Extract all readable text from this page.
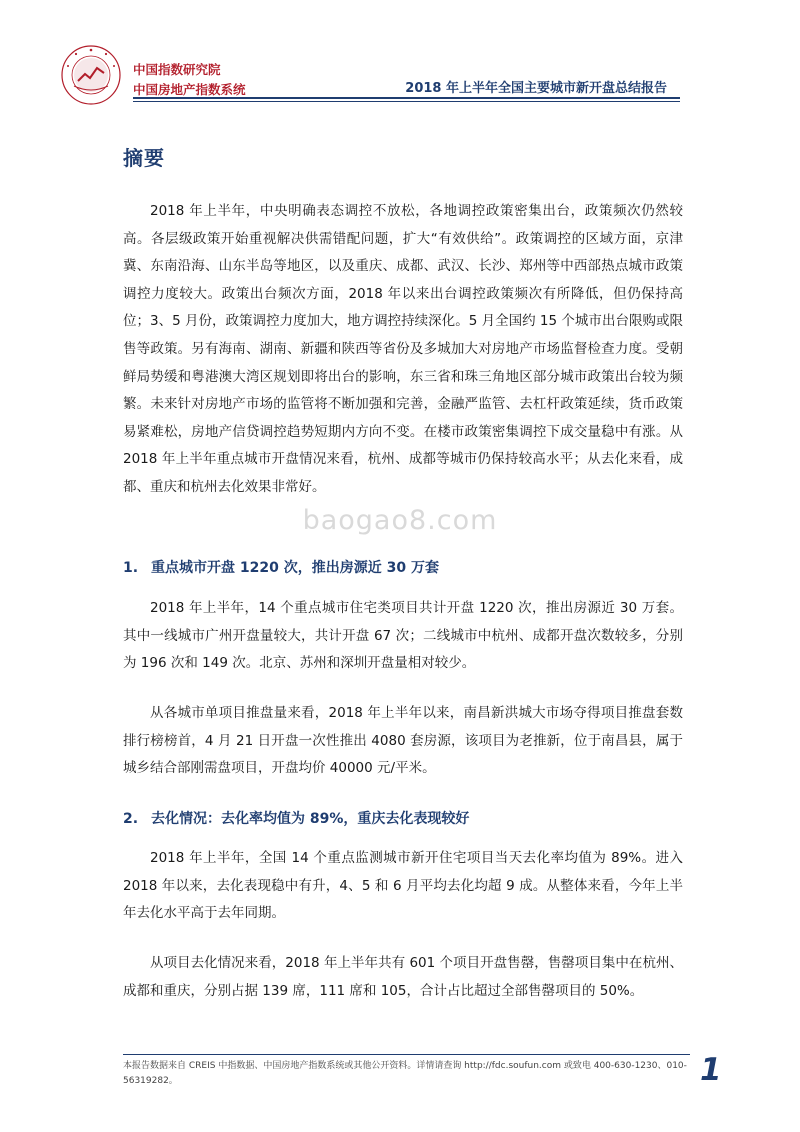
中国指数研究院
中国房地产指数系统	2018 年上半年全国主要城市新开盘总结报告
摘要

2018 年上半年，中央明确表态调控不放松，各地调控政策密集出台，政策频次仍然较高。各层级政策开始重视解决供需错配问题，扩大“有效供给”。政策调控的区域方面，京津冀、东南沿海、山东半岛等地区，以及重庆、成都、武汉、长沙、郑州等中西部热点城市政策调控力度较大。政策出台频次方面，2018 年以来出台调控政策频次有所降低，但仍保持高位；3、5 月份，政策调控力度加大，地方调控持续深化。5 月全国约 15 个城市出台限购或限售等政策。另有海南、湖南、新疆和陕西等省份及多城加大对房地产市场监督检查力度。受朝鲜局势缓和粤港澳大湾区规划即将出台的影响，东三省和珠三角地区部分城市政策出台较为频繁。未来针对房地产市场的监管将不断加强和完善，金融严监管、去杠杆政策延续，货币政策易紧难松，房地产信贷调控趋势短期内方向不变。在楼市政策密集调控下成交量稳中有涨。从 2018 年上半年重点城市开盘情况来看，杭州、成都等城市仍保持较高水平；从去化来看，成都、重庆和杭州去化效果非常好。

baogao8.com
1. 重点城市开盘 1220 次，推出房源近 30 万套

2018 年上半年，14 个重点城市住宅类项目共计开盘 1220 次，推出房源近 30 万套。其中一线城市广州开盘量较大，共计开盘 67 次；二线城市中杭州、成都开盘次数较多，分别为 196 次和 149 次。北京、苏州和深圳开盘量相对较少。

从各城市单项目推盘量来看，2018 年上半年以来，南昌新洪城大市场夺得项目推盘套数排行榜榜首，4 月 21 日开盘一次性推出 4080 套房源，该项目为老推新，位于南昌县，属于城乡结合部刚需盘项目，开盘均价 40000 元/平米。

2. 去化情况：去化率均值为 89%，重庆去化表现较好

2018 年上半年，全国 14 个重点监测城市新开住宅项目当天去化率均值为 89%。进入 2018 年以来，去化表现稳中有升，4、5 和 6 月平均去化均超 9 成。从整体来看，今年上半年去化水平高于去年同期。

从项目去化情况来看，2018 年上半年共有 601 个项目开盘售罄，售罄项目集中在杭州、成都和重庆，分别占据 139 席，111 席和 105，合计占比超过全部售罄项目的 50%。

本报告数据来自 CREIS 中指数据、中国房地产指数系统或其他公开资料。详情请查询 http://fdc.soufun.com 或致电 400-630-1230、010-56319282。	1
